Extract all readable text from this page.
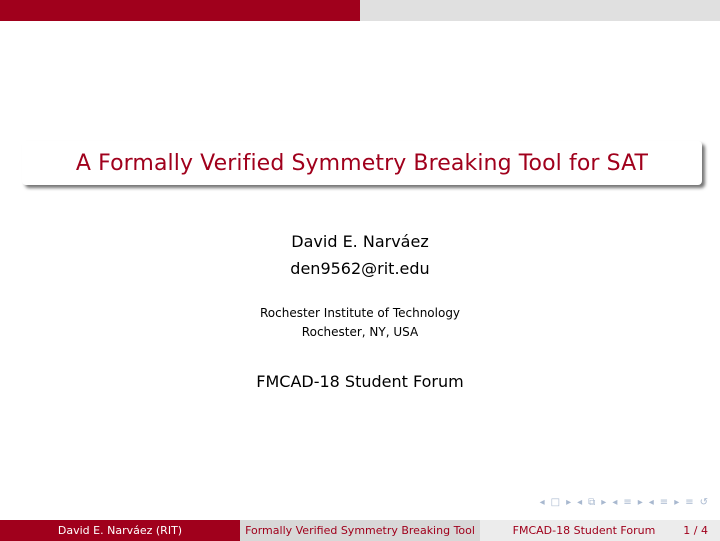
A Formally Verified Symmetry Breaking Tool for SAT
David E. Narváez
den9562@rit.edu
Rochester Institute of Technology
Rochester, NY, USA
FMCAD-18 Student Forum
◂ □ ▸ ◂ ⧉ ▸ ◂ ≡ ▸ ◂ ≡ ▸ ≡ ↺
David E. Narváez (RIT)	Formally Verified Symmetry Breaking Tool	FMCAD-18 Student Forum	1 / 4
